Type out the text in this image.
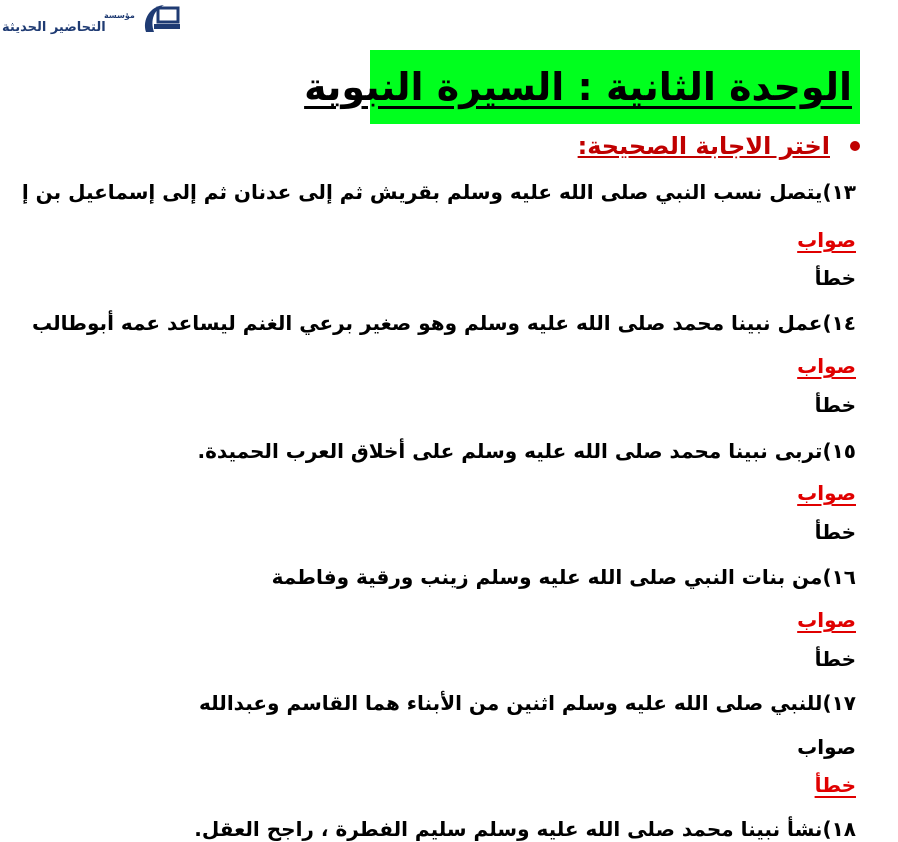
مؤسسة
التحاضير الحديثة
الوحدة الثانية : السيرة النبوية
اختر الاجابة الصحيحة:
١٣)يتصل نسب النبي صلى الله عليه وسلم بقريش ثم إلى عدنان ثم إلى إسماعيل بن إ
صواب
خطأ
١٤)عمل نبينا محمد صلى الله عليه وسلم وهو صغير برعي الغنم ليساعد عمه أبوطالب
صواب
خطأ
١٥)تربى نبينا محمد صلى الله عليه وسلم على أخلاق العرب الحميدة.
صواب
خطأ
١٦)من بنات النبي صلى الله عليه وسلم زينب ورقية وفاطمة
صواب
خطأ
١٧)للنبي صلى الله عليه وسلم اثنين من الأبناء هما القاسم وعبدالله
صواب
خطأ
١٨)نشأ نبينا محمد صلى الله عليه وسلم سليم الفطرة ، راجح العقل.
